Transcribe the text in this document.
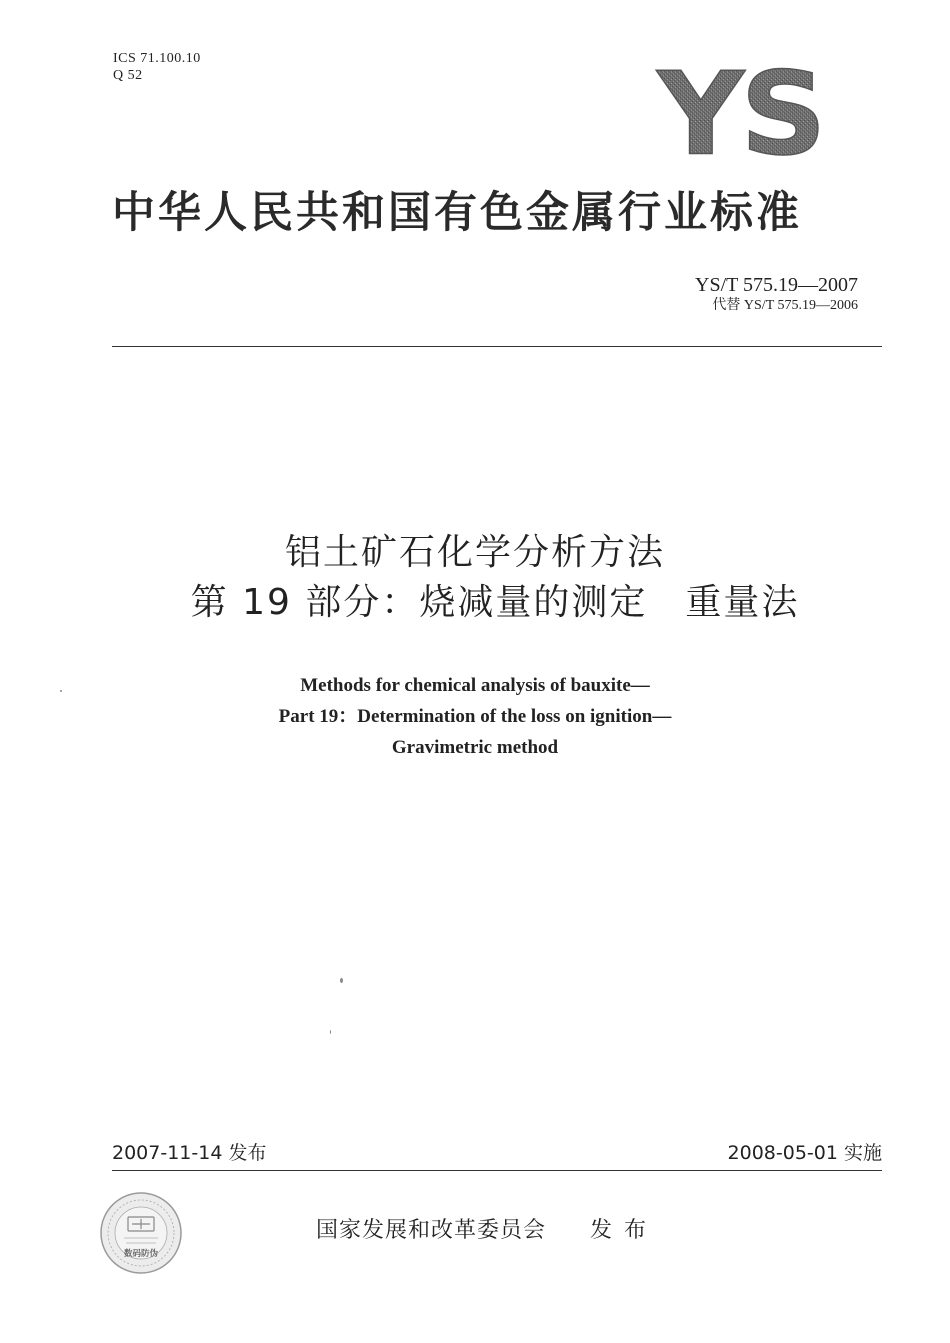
ICS 71.100.10
Q 52	YS
中华人民共和国有色金属行业标准
YS/T 575.19—2007
代替 YS/T 575.19—2006
铝土矿石化学分析方法
第 19 部分：烧减量的测定　重量法
Methods for chemical analysis of bauxite—
Part 19：Determination of the loss on ignition—
Gravimetric method
2007-11-14 发布	2008-05-01 实施
数码防伪
国家发展和改革委员会 发布
